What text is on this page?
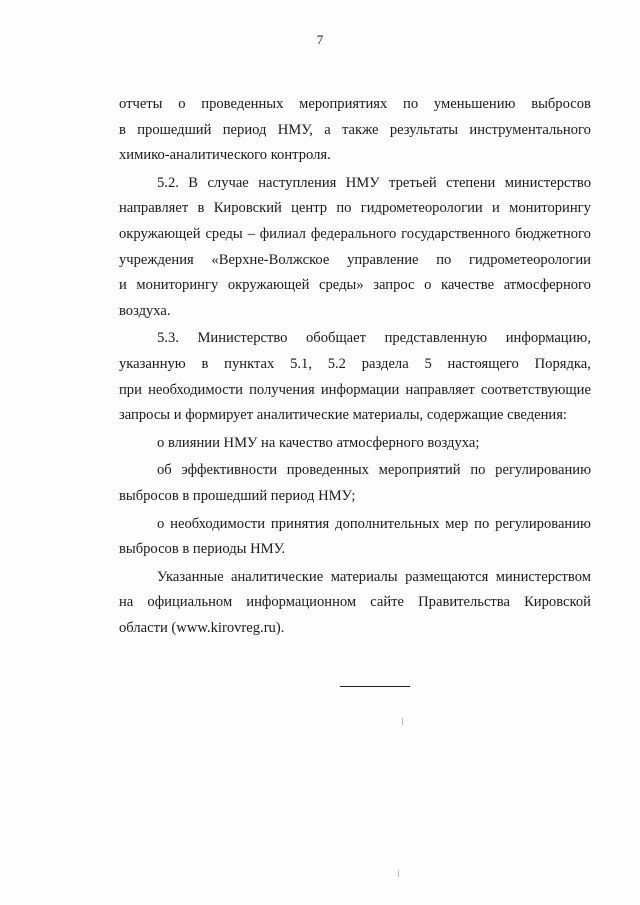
7
отчеты о проведенных мероприятиях по уменьшению выбросов
в прошедший период НМУ, а также результаты инструментального
химико-аналитического контроля.
5.2. В случае наступления НМУ третьей степени министерство
направляет в Кировский центр по гидрометеорологии и мониторингу
окружающей среды – филиал федерального государственного бюджетного
учреждения «Верхне-Волжское управление по гидрометеорологии
и мониторингу окружающей среды» запрос о качестве атмосферного
воздуха.
5.3. Министерство обобщает представленную информацию,
указанную в пунктах 5.1, 5.2 раздела 5 настоящего Порядка,
при необходимости получения информации направляет соответствующие
запросы и формирует аналитические материалы, содержащие сведения:
о влиянии НМУ на качество атмосферного воздуха;
об эффективности проведенных мероприятий по регулированию
выбросов в прошедший период НМУ;
о необходимости принятия дополнительных мер по регулированию
выбросов в периоды НМУ.
Указанные аналитические материалы размещаются министерством
на официальном информационном сайте Правительства Кировской
области (www.kirovreg.ru).
